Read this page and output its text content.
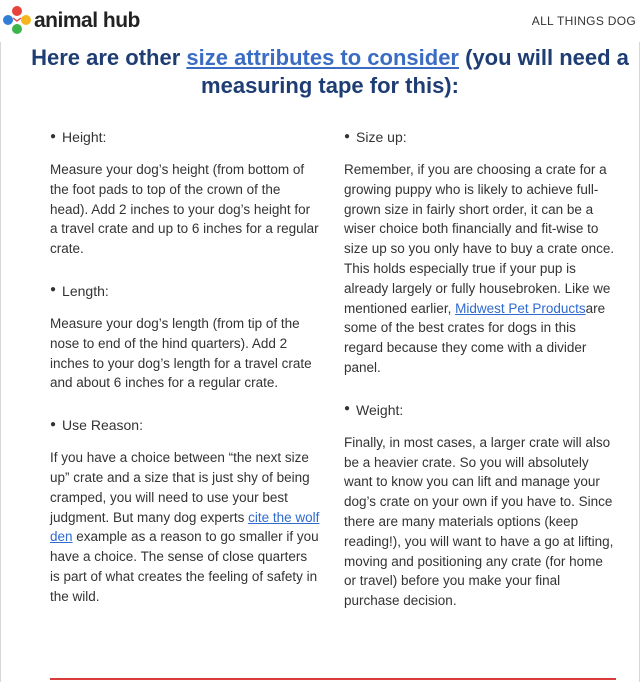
animal hub	ALL THINGS DOG
Here are other size attributes to consider (you will need a measuring tape for this):
● Height:

Measure your dog’s height (from bottom of the foot pads to top of the crown of the head). Add 2 inches to your dog’s height for a travel crate and up to 6 inches for a regular crate.

● Length:

Measure your dog’s length (from tip of the nose to end of the hind quarters). Add 2 inches to your dog’s length for a travel crate and about 6 inches for a regular crate.

● Use Reason:

If you have a choice between “the next size up” crate and a size that is just shy of being cramped, you will need to use your best judgment. But many dog experts cite the wolf den example as a reason to go smaller if you have a choice. The sense of close quarters is part of what creates the feeling of safety in the wild.

● Size up:

Remember, if you are choosing a crate for a growing puppy who is likely to achieve full-grown size in fairly short order, it can be a wiser choice both financially and fit-wise to size up so you only have to buy a crate once. This holds especially true if your pup is already largely or fully housebroken. Like we mentioned earlier, Midwest Pet Productsare some of the best crates for dogs in this regard because they come with a divider panel.

● Weight:

Finally, in most cases, a larger crate will also be a heavier crate. So you will absolutely want to know you can lift and manage your dog’s crate on your own if you have to. Since there are many materials options (keep reading!), you will want to have a go at lifting, moving and positioning any crate (for home or travel) before you make your final purchase decision.
